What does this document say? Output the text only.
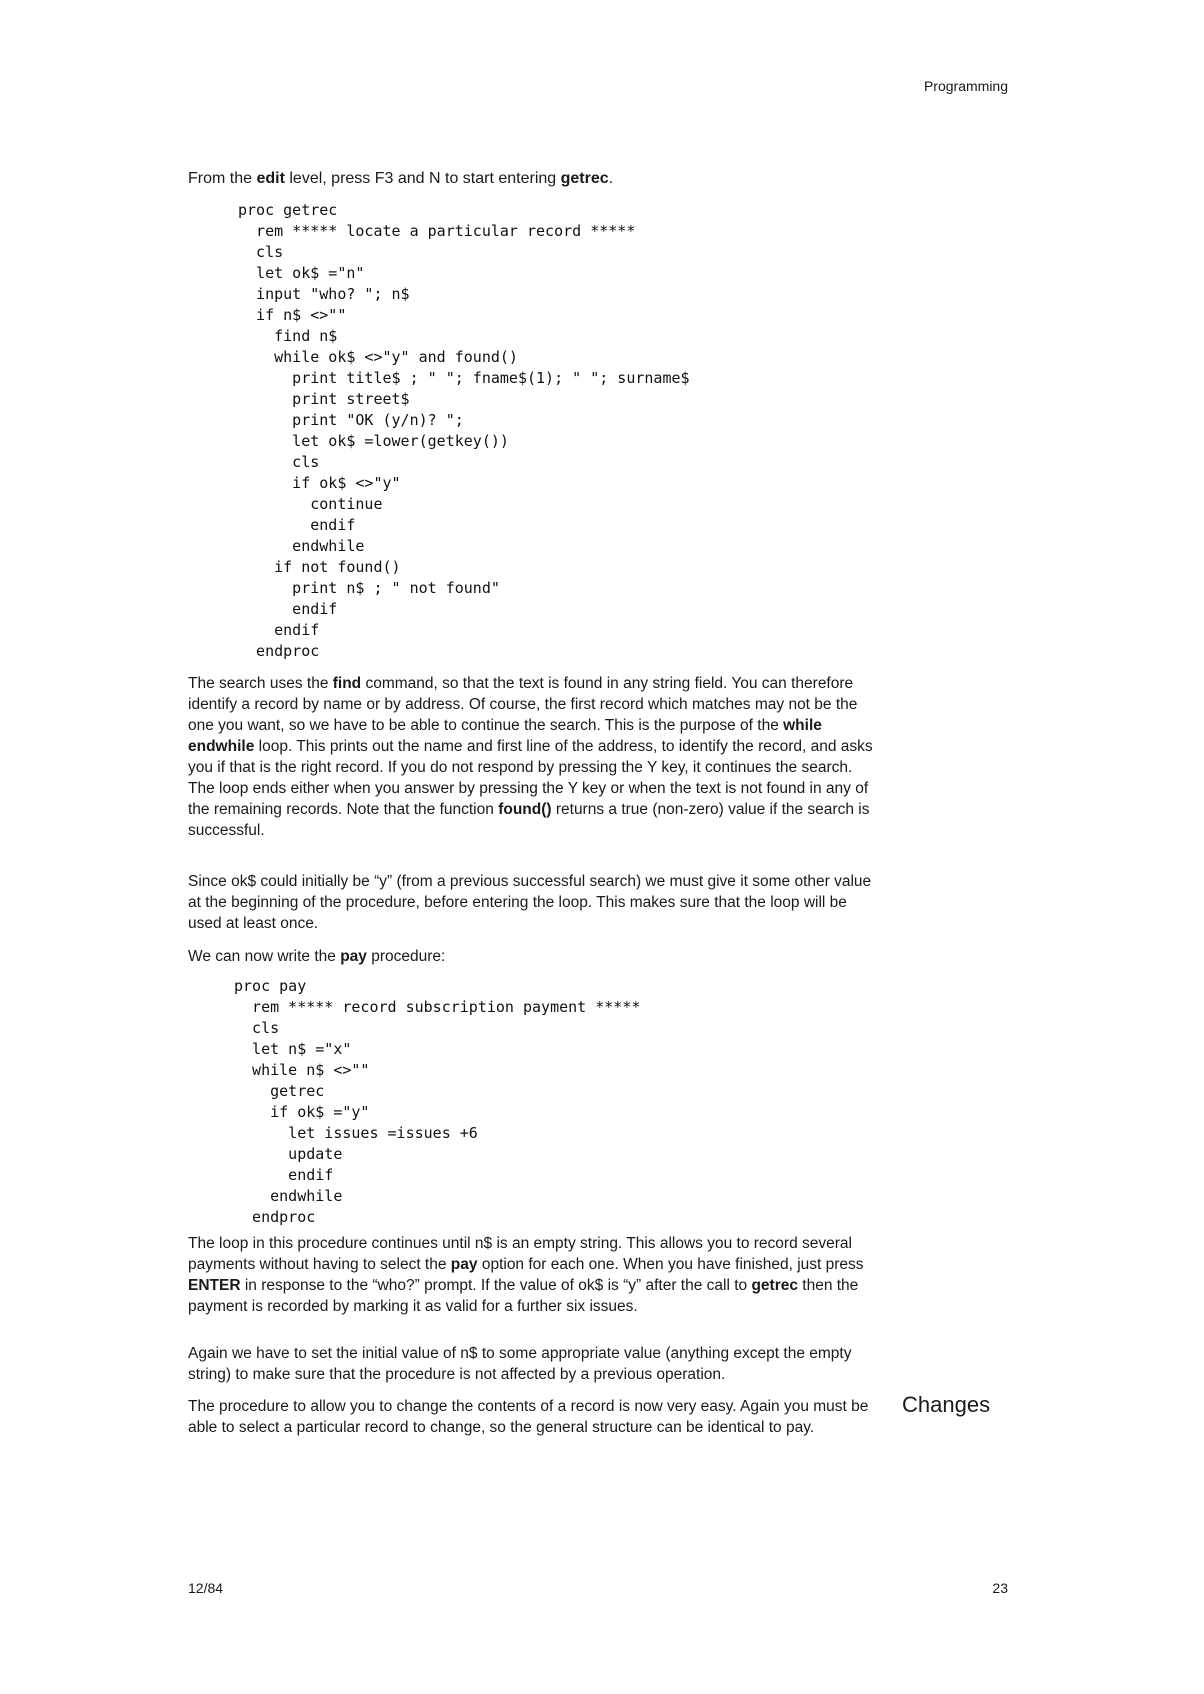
Programming
From the edit level, press F3 and N to start entering getrec.
proc getrec
rem ***** locate a particular record *****
cls
let ok$ ="n"
input "who? "; n$
if n$ <>""
find n$
while ok$ <>"y" and found()
print title$ ; " "; fname$(1); " "; surname$
print street$
print "OK (y/n)? ";
let ok$ =lower(getkey())
cls
if ok$ <>"y"
continue
endif
endwhile
if not found()
print n$ ; " not found"
endif
endif
endproc
The search uses the find command, so that the text is found in any string field. You can therefore identify a record by name or by address. Of course, the first record which matches may not be the one you want, so we have to be able to continue the search. This is the purpose of the while endwhile loop. This prints out the name and first line of the address, to identify the record, and asks you if that is the right record. If you do not respond by pressing the Y key, it continues the search. The loop ends either when you answer by pressing the Y key or when the text is not found in any of the remaining records. Note that the function found() returns a true (non-zero) value if the search is successful.
Since ok$ could initially be “y” (from a previous successful search) we must give it some other value at the beginning of the procedure, before entering the loop. This makes sure that the loop will be used at least once.
We can now write the pay procedure:
proc pay
rem ***** record subscription payment *****
cls
let n$ ="x"
while n$ <>""
getrec
if ok$ ="y"
let issues =issues +6
update
endif
endwhile
endproc
The loop in this procedure continues until n$ is an empty string. This allows you to record several payments without having to select the pay option for each one. When you have finished, just press ENTER in response to the “who?” prompt. If the value of ok$ is “y” after the call to getrec then the payment is recorded by marking it as valid for a further six issues.
Again we have to set the initial value of n$ to some appropriate value (anything except the empty string) to make sure that the procedure is not affected by a previous operation.
The procedure to allow you to change the contents of a record is now very easy. Again you must be able to select a particular record to change, so the general structure can be identical to pay.
Changes
12/84	23
